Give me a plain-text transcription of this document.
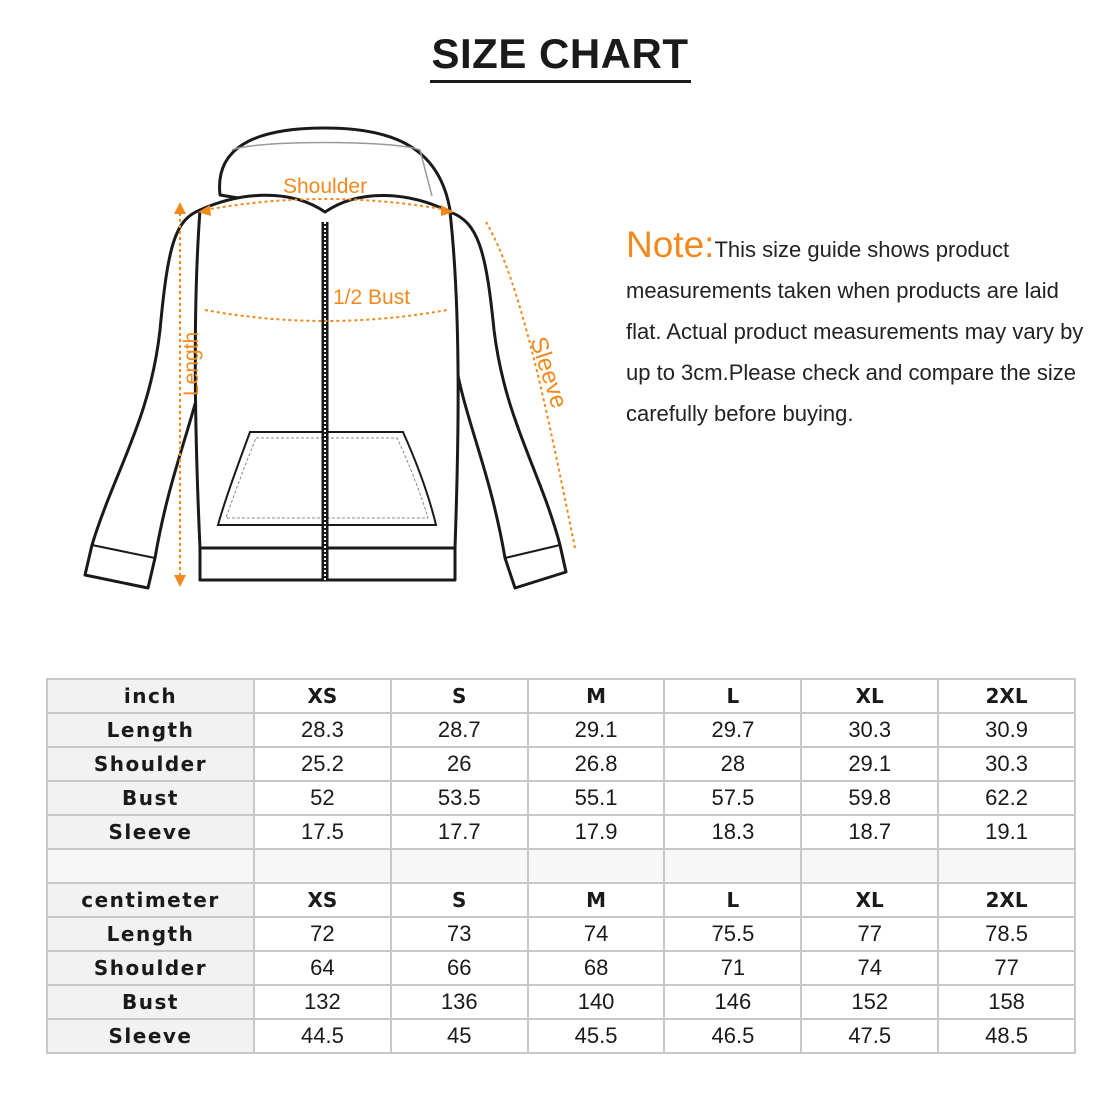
SIZE CHART
Shoulder
1/2 Bust
Length	Sleeve

Note:This size guide shows product measurements taken when products are laid flat. Actual product measurements may vary by up to 3cm.Please check and compare the size carefully before buying.

inch	XS	S	M	L	XL	2XL
Length	28.3	28.7	29.1	29.7	30.3	30.9
Shoulder	25.2	26	26.8	28	29.1	30.3
Bust	52	53.5	55.1	57.5	59.8	62.2
Sleeve	17.5	17.7	17.9	18.3	18.7	19.1

centimeter	XS	S	M	L	XL	2XL
Length	72	73	74	75.5	77	78.5
Shoulder	64	66	68	71	74	77
Bust	132	136	140	146	152	158
Sleeve	44.5	45	45.5	46.5	47.5	48.5
